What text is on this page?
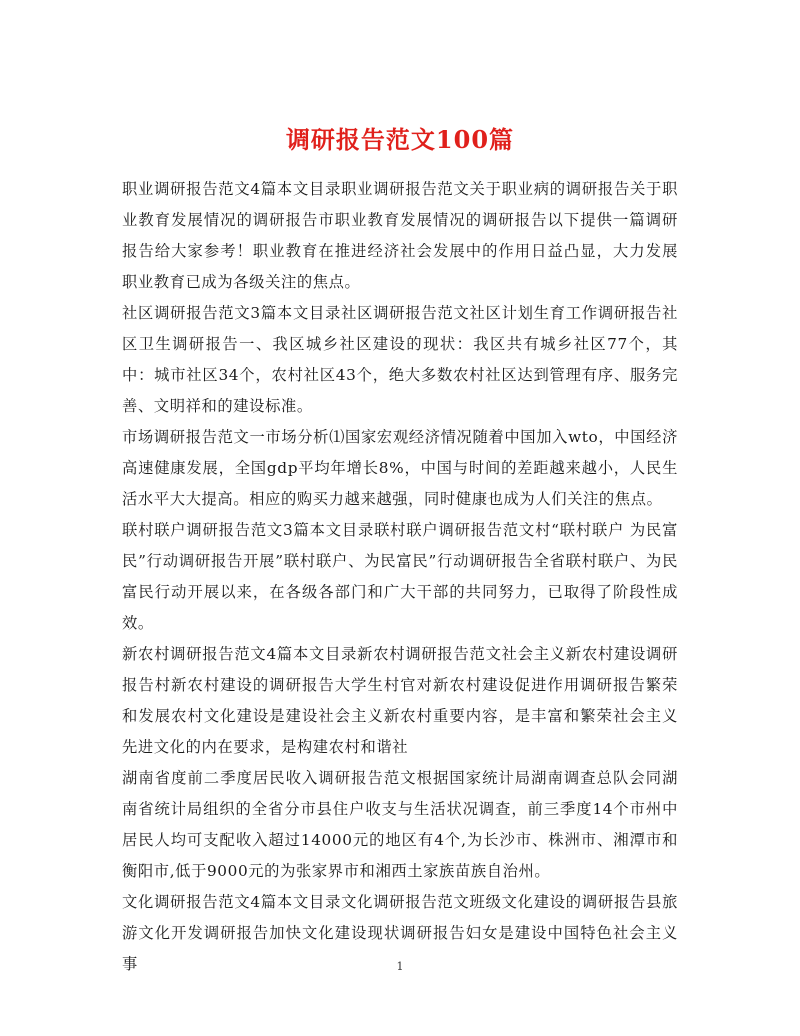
调研报告范文100篇

职业调研报告范文4篇本文目录职业调研报告范文关于职业病的调研报告关于职业教育发展情况的调研报告市职业教育发展情况的调研报告以下提供一篇调研报告给大家参考！职业教育在推进经济社会发展中的作用日益凸显，大力发展职业教育已成为各级关注的焦点。

社区调研报告范文3篇本文目录社区调研报告范文社区计划生育工作调研报告社区卫生调研报告一、我区城乡社区建设的现状：我区共有城乡社区77个，其中：城市社区34个，农村社区43个，绝大多数农村社区达到管理有序、服务完善、文明祥和的建设标准。

市场调研报告范文一市场分析⑴国家宏观经济情况随着中国加入wto，中国经济高速健康发展，全国gdp平均年增长8%，中国与时间的差距越来越小，人民生活水平大大提高。相应的购买力越来越强，同时健康也成为人们关注的焦点。

联村联户调研报告范文3篇本文目录联村联户调研报告范文村“联村联户 为民富民”行动调研报告开展”联村联户、为民富民”行动调研报告全省联村联户、为民富民行动开展以来，在各级各部门和广大干部的共同努力，已取得了阶段性成效。

新农村调研报告范文4篇本文目录新农村调研报告范文社会主义新农村建设调研报告村新农村建设的调研报告大学生村官对新农村建设促进作用调研报告繁荣和发展农村文化建设是建设社会主义新农村重要内容，是丰富和繁荣社会主义先进文化的内在要求，是构建农村和谐社

湖南省度前二季度居民收入调研报告范文根据国家统计局湖南调查总队会同湖南省统计局组织的全省分市县住户收支与生活状况调查，前三季度14个市州中居民人均可支配收入超过14000元的地区有4个,为长沙市、株洲市、湘潭市和衡阳市,低于9000元的为张家界市和湘西土家族苗族自治州。

文化调研报告范文4篇本文目录文化调研报告范文班级文化建设的调研报告县旅游文化开发调研报告加快文化建设现状调研报告妇女是建设中国特色社会主义事	1
